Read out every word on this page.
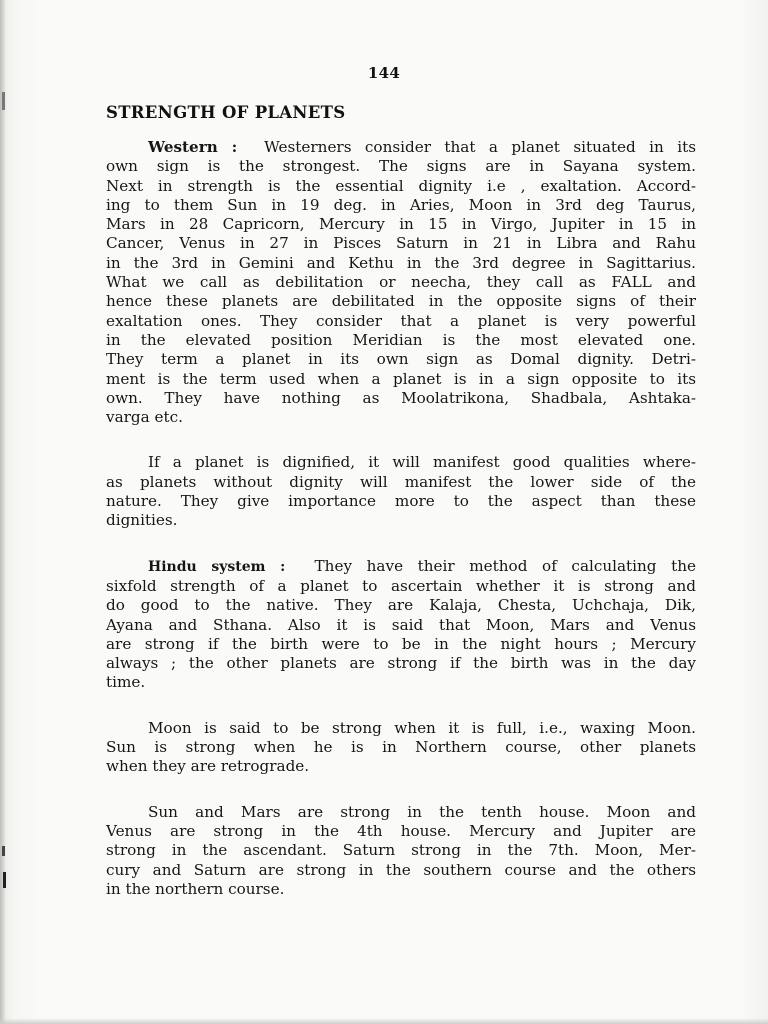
144
STRENGTH OF PLANETS
Western : Westerners consider that a planet situated in its
own sign is the strongest. The signs are in Sayana system.
Next in strength is the essential dignity i.e , exaltation. Accord-
ing to them Sun in 19 deg. in Aries, Moon in 3rd deg Taurus,
Mars in 28 Capricorn, Mercury in 15 in Virgo, Jupiter in 15 in
Cancer, Venus in 27 in Pisces Saturn in 21 in Libra and Rahu
in the 3rd in Gemini and Kethu in the 3rd degree in Sagittarius.
What we call as debilitation or neecha, they call as FALL and
hence these planets are debilitated in the opposite signs of their
exaltation ones. They consider that a planet is very powerful
in the elevated position Meridian is the most elevated one.
They term a planet in its own sign as Domal dignity. Detri-
ment is the term used when a planet is in a sign opposite to its
own. They have nothing as Moolatrikona, Shadbala, Ashtaka-
varga etc.
If a planet is dignified, it will manifest good qualities where-
as planets without dignity will manifest the lower side of the
nature. They give importance more to the aspect than these
dignities.
Hindu system : They have their method of calculating the
sixfold strength of a planet to ascertain whether it is strong and
do good to the native. They are Kalaja, Chesta, Uchchaja, Dik,
Ayana and Sthana. Also it is said that Moon, Mars and Venus
are strong if the birth were to be in the night hours ; Mercury
always ; the other planets are strong if the birth was in the day
time.
Moon is said to be strong when it is full, i.e., waxing Moon.
Sun is strong when he is in Northern course, other planets
when they are retrograde.
Sun and Mars are strong in the tenth house. Moon and
Venus are strong in the 4th house. Mercury and Jupiter are
strong in the ascendant. Saturn strong in the 7th. Moon, Mer-
cury and Saturn are strong in the southern course and the others
in the northern course.
